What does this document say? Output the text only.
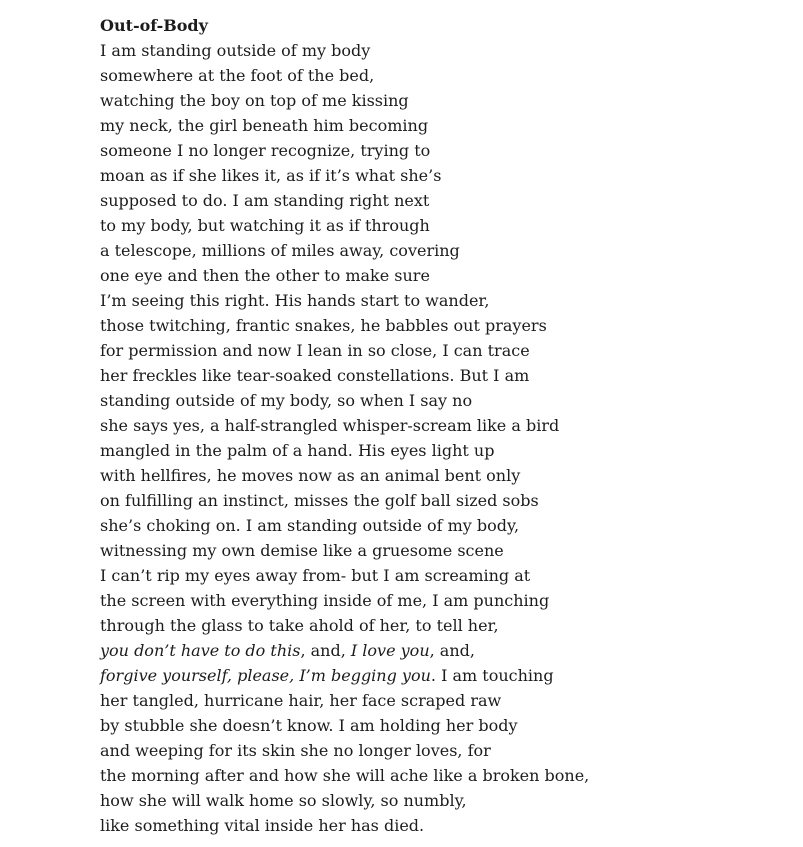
Out-of-Body
I am standing outside of my body
somewhere at the foot of the bed,
watching the boy on top of me kissing
my neck, the girl beneath him becoming
someone I no longer recognize, trying to
moan as if she likes it, as if it’s what she’s
supposed to do. I am standing right next
to my body, but watching it as if through
a telescope, millions of miles away, covering
one eye and then the other to make sure
I’m seeing this right. His hands start to wander,
those twitching, frantic snakes, he babbles out prayers
for permission and now I lean in so close, I can trace
her freckles like tear-soaked constellations. But I am
standing outside of my body, so when I say no
she says yes, a half-strangled whisper-scream like a bird
mangled in the palm of a hand. His eyes light up
with hellfires, he moves now as an animal bent only
on fulfilling an instinct, misses the golf ball sized sobs
she’s choking on. I am standing outside of my body,
witnessing my own demise like a gruesome scene
I can’t rip my eyes away from- but I am screaming at
the screen with everything inside of me, I am punching
through the glass to take ahold of her, to tell her,
you don’t have to do this, and, I love you, and,
forgive yourself, please, I’m begging you. I am touching
her tangled, hurricane hair, her face scraped raw
by stubble she doesn’t know. I am holding her body
and weeping for its skin she no longer loves, for
the morning after and how she will ache like a broken bone,
how she will walk home so slowly, so numbly,
like something vital inside her has died.
